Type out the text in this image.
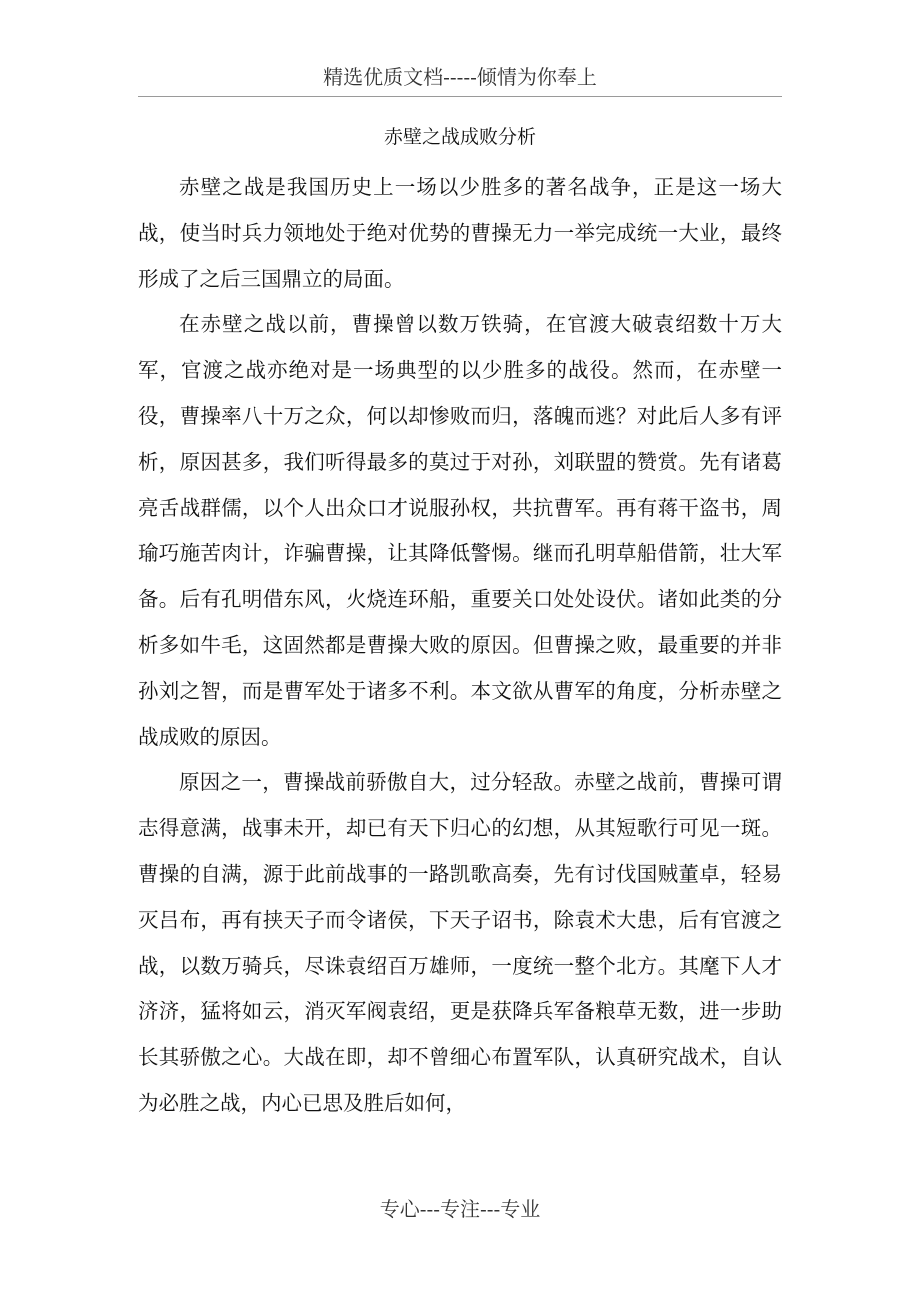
精选优质文档-----倾情为你奉上
赤壁之战成败分析

赤壁之战是我国历史上一场以少胜多的著名战争，正是这一场大战，使当时兵力领地处于绝对优势的曹操无力一举完成统一大业，最终形成了之后三国鼎立的局面。

在赤壁之战以前，曹操曾以数万铁骑，在官渡大破袁绍数十万大军，官渡之战亦绝对是一场典型的以少胜多的战役。然而，在赤壁一役，曹操率八十万之众，何以却惨败而归，落魄而逃？对此后人多有评析，原因甚多，我们听得最多的莫过于对孙，刘联盟的赞赏。先有诸葛亮舌战群儒，以个人出众口才说服孙权，共抗曹军。再有蒋干盗书，周瑜巧施苦肉计，诈骗曹操，让其降低警惕。继而孔明草船借箭，壮大军备。后有孔明借东风，火烧连环船，重要关口处处设伏。诸如此类的分析多如牛毛，这固然都是曹操大败的原因。但曹操之败，最重要的并非孙刘之智，而是曹军处于诸多不利。本文欲从曹军的角度，分析赤壁之战成败的原因。

原因之一，曹操战前骄傲自大，过分轻敌。赤壁之战前，曹操可谓志得意满，战事未开，却已有天下归心的幻想，从其短歌行可见一斑。曹操的自满，源于此前战事的一路凯歌高奏，先有讨伐国贼董卓，轻易灭吕布，再有挟天子而令诸侯，下天子诏书，除袁术大患，后有官渡之战，以数万骑兵，尽诛袁绍百万雄师，一度统一整个北方。其麾下人才济济，猛将如云，消灭军阀袁绍，更是获降兵军备粮草无数，进一步助长其骄傲之心。大战在即，却不曾细心布置军队，认真研究战术，自认为必胜之战，内心已思及胜后如何，

专心---专注---专业
